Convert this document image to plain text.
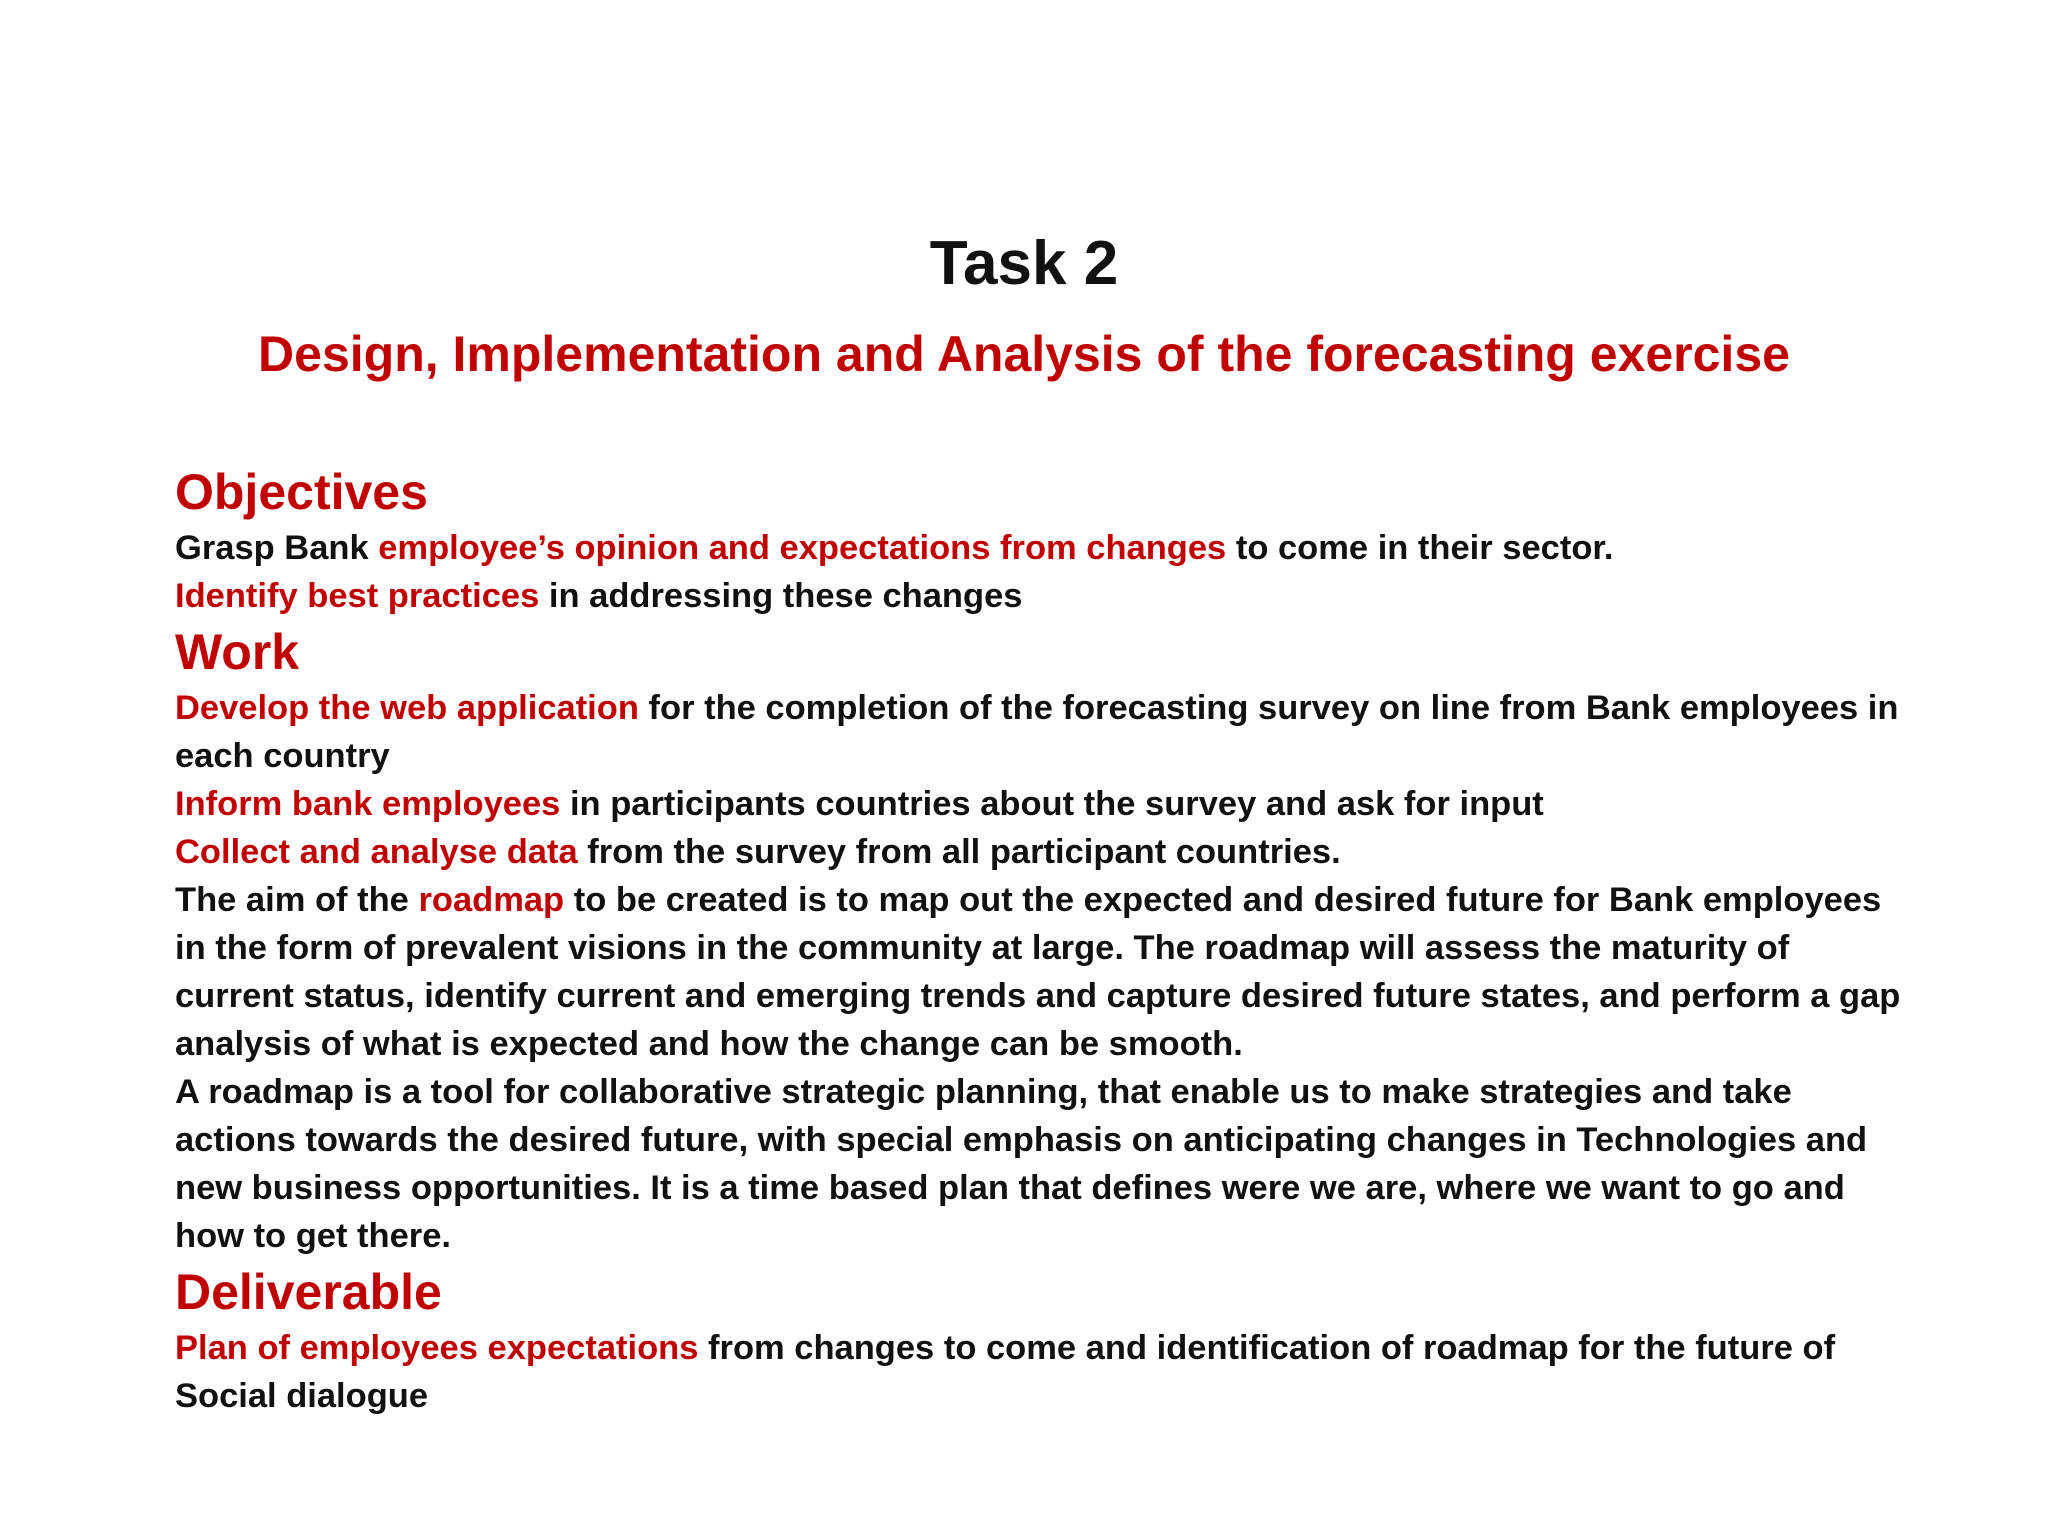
Task 2
Design, Implementation and Analysis of the forecasting exercise
Objectives

Grasp Bank employee’s opinion and expectations from changes to come in their sector.

Identify best practices in addressing these changes

Work

Develop the web application for the completion of the forecasting survey on line from Bank employees in each country

Inform bank employees in participants countries about the survey and ask for input

Collect and analyse data from the survey from all participant countries.

The aim of the roadmap to be created is to map out the expected and desired future for Bank employees in the form of prevalent visions in the community at large. The roadmap will assess the maturity of current status, identify current and emerging trends and capture desired future states, and perform a gap analysis of what is expected and how the change can be smooth.

A roadmap is a tool for collaborative strategic planning, that enable us to make strategies and take actions towards the desired future, with special emphasis on anticipating changes in Technologies and new business opportunities. It is a time based plan that defines were we are, where we want to go and how to get there.

Deliverable

Plan of employees expectations from changes to come and identification of roadmap for the future of Social dialogue
